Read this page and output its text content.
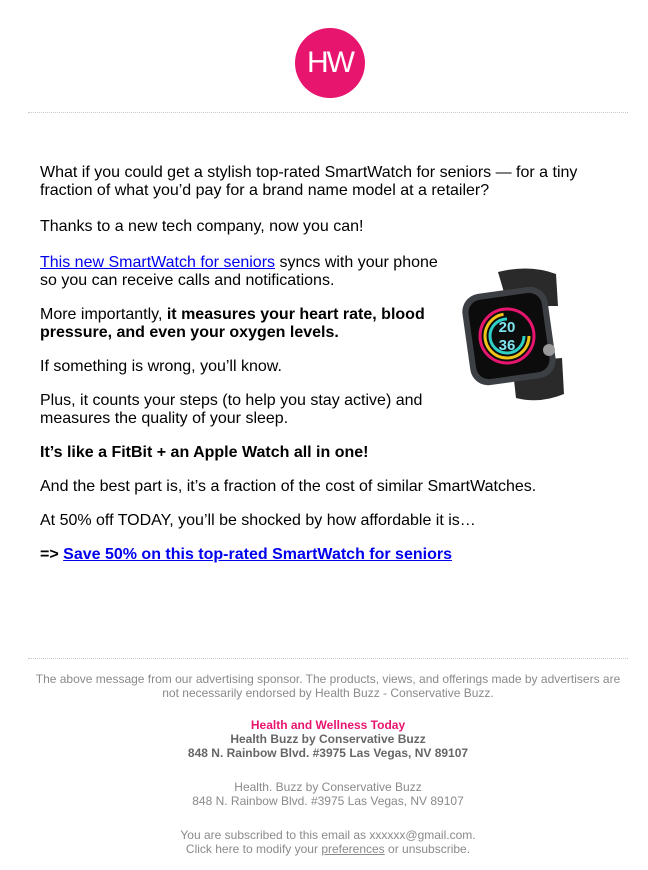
HW

What if you could get a stylish top-rated SmartWatch for seniors — for a tiny fraction of what you’d pay for a brand name model at a retailer?

Thanks to a new tech company, now you can!

This new SmartWatch for seniors syncs with your phone so you can receive calls and notifications.

More importantly, it measures your heart rate, blood pressure, and even your oxygen levels.

If something is wrong, you’ll know.

Plus, it counts your steps (to help you stay active) and measures the quality of your sleep.

It’s like a FitBit + an Apple Watch all in one!

And the best part is, it’s a fraction of the cost of similar SmartWatches.

At 50% off TODAY, you’ll be shocked by how affordable it is…

=> Save 50% on this top-rated SmartWatch for seniors

20
36
The above message from our advertising sponsor. The products, views, and offerings made by advertisers are not necessarily endorsed by Health Buzz - Conservative Buzz.
Health and Wellness Today
Health Buzz by Conservative Buzz
848 N. Rainbow Blvd. #3975 Las Vegas, NV 89107
Health. Buzz by Conservative Buzz
848 N. Rainbow Blvd. #3975 Las Vegas, NV 89107
You are subscribed to this email as xxxxxx@gmail.com.
Click here to modify your preferences or unsubscribe.
